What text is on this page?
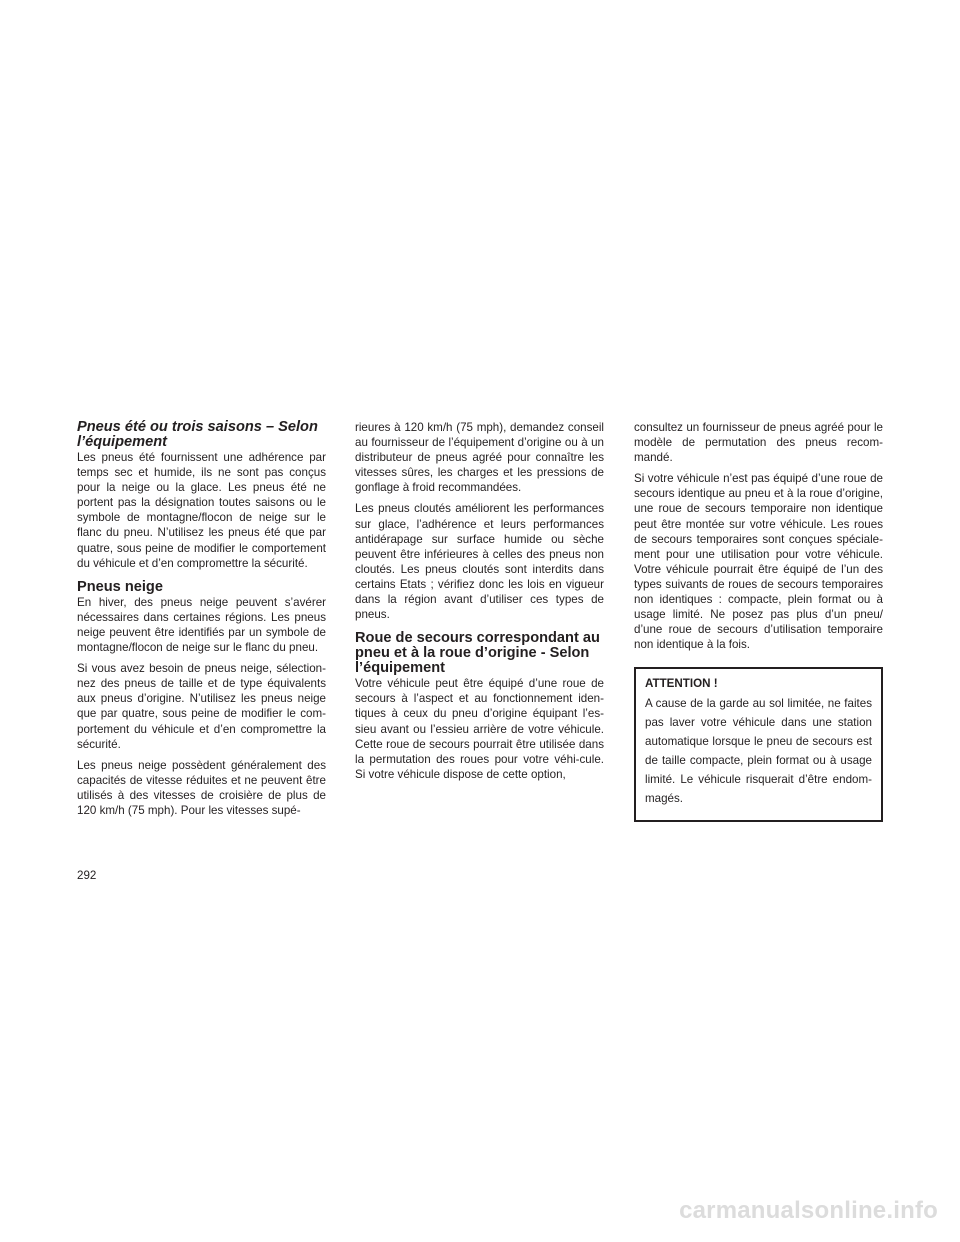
Pneus été ou trois saisons – Selon l’équipement

Les pneus été fournissent une adhérence par temps sec et humide, ils ne sont pas conçus pour la neige ou la glace. Les pneus été ne portent pas la désignation toutes saisons ou le symbole de montagne/flocon de neige sur le flanc du pneu. N’utilisez les pneus été que par quatre, sous peine de modifier le comportement du véhicule et d’en compromettre la sécurité.

Pneus neige

En hiver, des pneus neige peuvent s’avérer nécessaires dans certaines régions. Les pneus neige peuvent être identifiés par un symbole de montagne/flocon de neige sur le flanc du pneu.

Si vous avez besoin de pneus neige, sélection-nez des pneus de taille et de type équivalents aux pneus d’origine. N’utilisez les pneus neige que par quatre, sous peine de modifier le com-portement du véhicule et d’en compromettre la sécurité.

Les pneus neige possèdent généralement des capacités de vitesse réduites et ne peuvent être utilisés à des vitesses de croisière de plus de 120 km/h (75 mph). Pour les vitesses supé-

rieures à 120 km/h (75 mph), demandez conseil au fournisseur de l’équipement d’origine ou à un distributeur de pneus agréé pour connaître les vitesses sûres, les charges et les pressions de gonflage à froid recommandées.

Les pneus cloutés améliorent les performances sur glace, l’adhérence et leurs performances antidérapage sur surface humide ou sèche peuvent être inférieures à celles des pneus non cloutés. Les pneus cloutés sont interdits dans certains Etats ; vérifiez donc les lois en vigueur dans la région avant d’utiliser ces types de pneus.

Roue de secours correspondant au pneu et à la roue d’origine - Selon l’équipement

Votre véhicule peut être équipé d’une roue de secours à l’aspect et au fonctionnement iden-tiques à ceux du pneu d’origine équipant l’es-sieu avant ou l’essieu arrière de votre véhicule. Cette roue de secours pourrait être utilisée dans la permutation des roues pour votre véhi-cule. Si votre véhicule dispose de cette option,

consultez un fournisseur de pneus agréé pour le modèle de permutation des pneus recom-mandé.

Si votre véhicule n’est pas équipé d’une roue de secours identique au pneu et à la roue d’origine, une roue de secours temporaire non identique peut être montée sur votre véhicule. Les roues de secours temporaires sont conçues spéciale-ment pour une utilisation pour votre véhicule. Votre véhicule pourrait être équipé de l’un des types suivants de roues de secours temporaires non identiques : compacte, plein format ou à usage limité. Ne posez pas plus d’un pneu/ d’une roue de secours d’utilisation temporaire non identique à la fois.

ATTENTION !

A cause de la garde au sol limitée, ne faites pas laver votre véhicule dans une station automatique lorsque le pneu de secours est de taille compacte, plein format ou à usage limité. Le véhicule risquerait d’être endom-magés.

292
carmanualsonline.info
